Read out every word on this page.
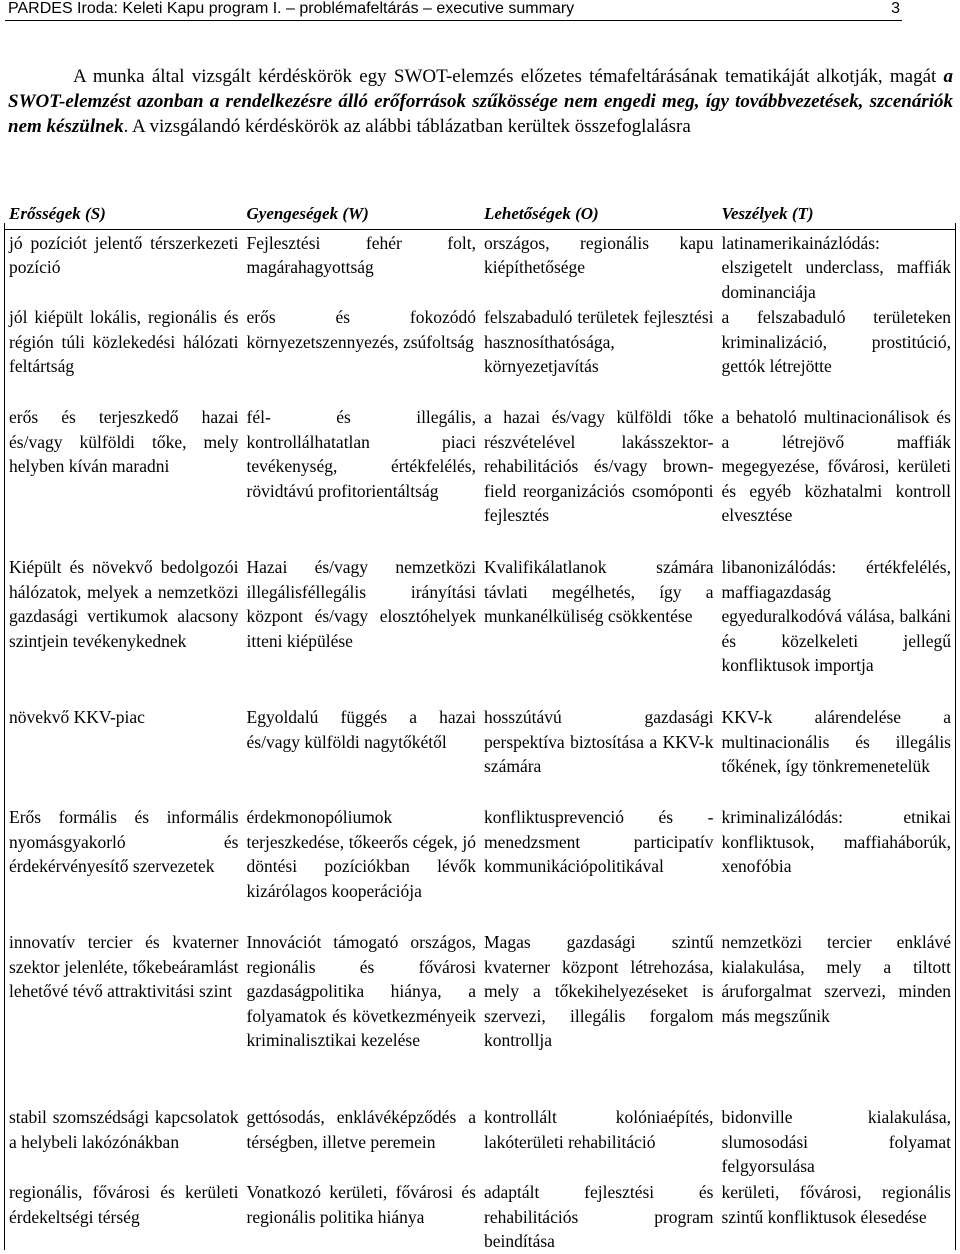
PARDES Iroda: Keleti Kapu program I. – problémafeltárás – executive summary	3

A munka által vizsgált kérdéskörök egy SWOT-elemzés előzetes témafeltárásának tematikáját alkotják, magát a SWOT-elemzést azonban a rendelkezésre álló erőforrások szűkössége nem engedi meg, így továbbvezetések, szcenáriók nem készülnek. A vizsgálandó kérdéskörök az alábbi táblázatban kerültek összefoglalásra

Erősségek (S)	Gyengeségek (W)	Lehetőségek (O)	Veszélyek (T)
jó pozíciót jelentő térszerkezeti pozíció	Fejlesztési fehér folt, magárahagyottság	országos, regionális kapu kiépíthetősége	latinamerikainázlódás: elszigetelt underclass, maffiák dominanciája
jól kiépült lokális, regionális és régión túli közlekedési hálózati feltártság	erős és fokozódó környezetszennyezés, zsúfoltság	felszabaduló területek fejlesztési hasznosíthatósága, környezetjavítás	a felszabaduló területeken kriminalizáció, prostitúció, gettók létrejötte
erős és terjeszkedő hazai és/vagy külföldi tőke, mely helyben kíván maradni	fél- és illegális, kontrollálhatatlan piaci tevékenység, értékfelélés, rövidtávú profitorientáltság	a hazai és/vagy külföldi tőke részvételével lakásszektor-rehabilitációs és/vagy brown-field reorganizációs csomóponti fejlesztés	a behatoló multinacionálisok és a létrejövő maffiák megegyezése, fővárosi, kerületi és egyéb közhatalmi kontroll elvesztése
Kiépült és növekvő bedolgozói hálózatok, melyek a nemzetközi gazdasági vertikumok alacsony szintjein tevékenykednek	Hazai és/vagy nemzetközi illegálisféllegális irányítási központ és/vagy elosztóhelyek itteni kiépülése	Kvalifikálatlanok számára távlati megélhetés, így a munkanélküliség csökkentése	libanonizálódás: értékfelélés, maffiagazdaság egyeduralkodóvá válása, balkáni és közelkeleti jellegű konfliktusok importja
növekvő KKV-piac	Egyoldalú függés a hazai és/vagy külföldi nagytőkétől	hosszútávú gazdasági perspektíva biztosítása a KKV-k számára	KKV-k alárendelése a multinacionális és illegális tőkének, így tönkremenetelük
Erős formális és informális nyomásgyakorló és érdekérvényesítő szervezetek	érdekmonopóliumok terjeszkedése, tőkeerős cégek, jó döntési pozíciókban lévők kizárólagos kooperációja	konfliktusprevenció és -menedzsment participatív kommunikációpolitikával	kriminalizálódás: etnikai konfliktusok, maffiaháborúk, xenofóbia
innovatív tercier és kvaterner szektor jelenléte, tőkebeáramlást lehetővé tévő attraktivitási szint	Innovációt támogató országos, regionális és fővárosi gazdaságpolitika hiánya, a folyamatok és következményeik kriminalisztikai kezelése	Magas gazdasági szintű kvaterner központ létrehozása, mely a tőkekihelyezéseket is szervezi, illegális forgalom kontrollja	nemzetközi tercier enklávé kialakulása, mely a tiltott áruforgalmat szervezi, minden más megszűnik
stabil szomszédsági kapcsolatok a helybeli lakózónákban	gettósodás, enklávéképződés a térségben, illetve peremein	kontrollált kolóniaépítés, lakóterületi rehabilitáció	bidonville kialakulása, slumosodási folyamat felgyorsulása
regionális, fővárosi és kerületi érdekeltségi térség	Vonatkozó kerületi, fővárosi és regionális politika hiánya	adaptált fejlesztési és rehabilitációs program beindítása	kerületi, fővárosi, regionális szintű konfliktusok élesedése
